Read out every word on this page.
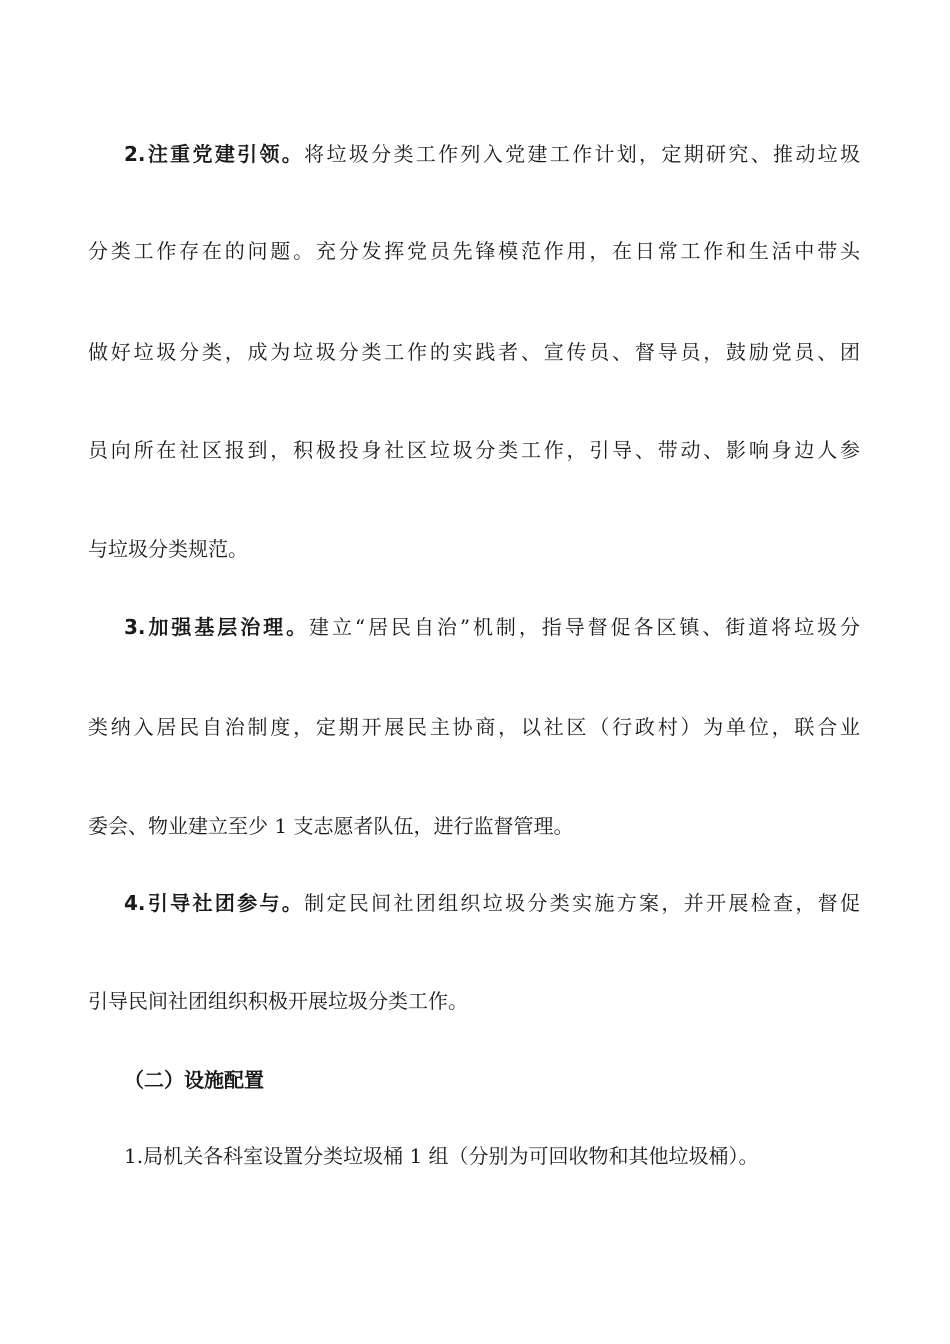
2.注重党建引领。将垃圾分类工作列入党建工作计划，定期研究、推动垃圾
分类工作存在的问题。充分发挥党员先锋模范作用，在日常工作和生活中带头
做好垃圾分类，成为垃圾分类工作的实践者、宣传员、督导员，鼓励党员、团
员向所在社区报到，积极投身社区垃圾分类工作，引导、带动、影响身边人参
与垃圾分类规范。
3.加强基层治理。建立“居民自治”机制，指导督促各区镇、街道将垃圾分
类纳入居民自治制度，定期开展民主协商，以社区（行政村）为单位，联合业
委会、物业建立至少 1 支志愿者队伍，进行监督管理。
4.引导社团参与。制定民间社团组织垃圾分类实施方案，并开展检查，督促
引导民间社团组织积极开展垃圾分类工作。
（二）设施配置
1.局机关各科室设置分类垃圾桶 1 组（分别为可回收物和其他垃圾桶）。
